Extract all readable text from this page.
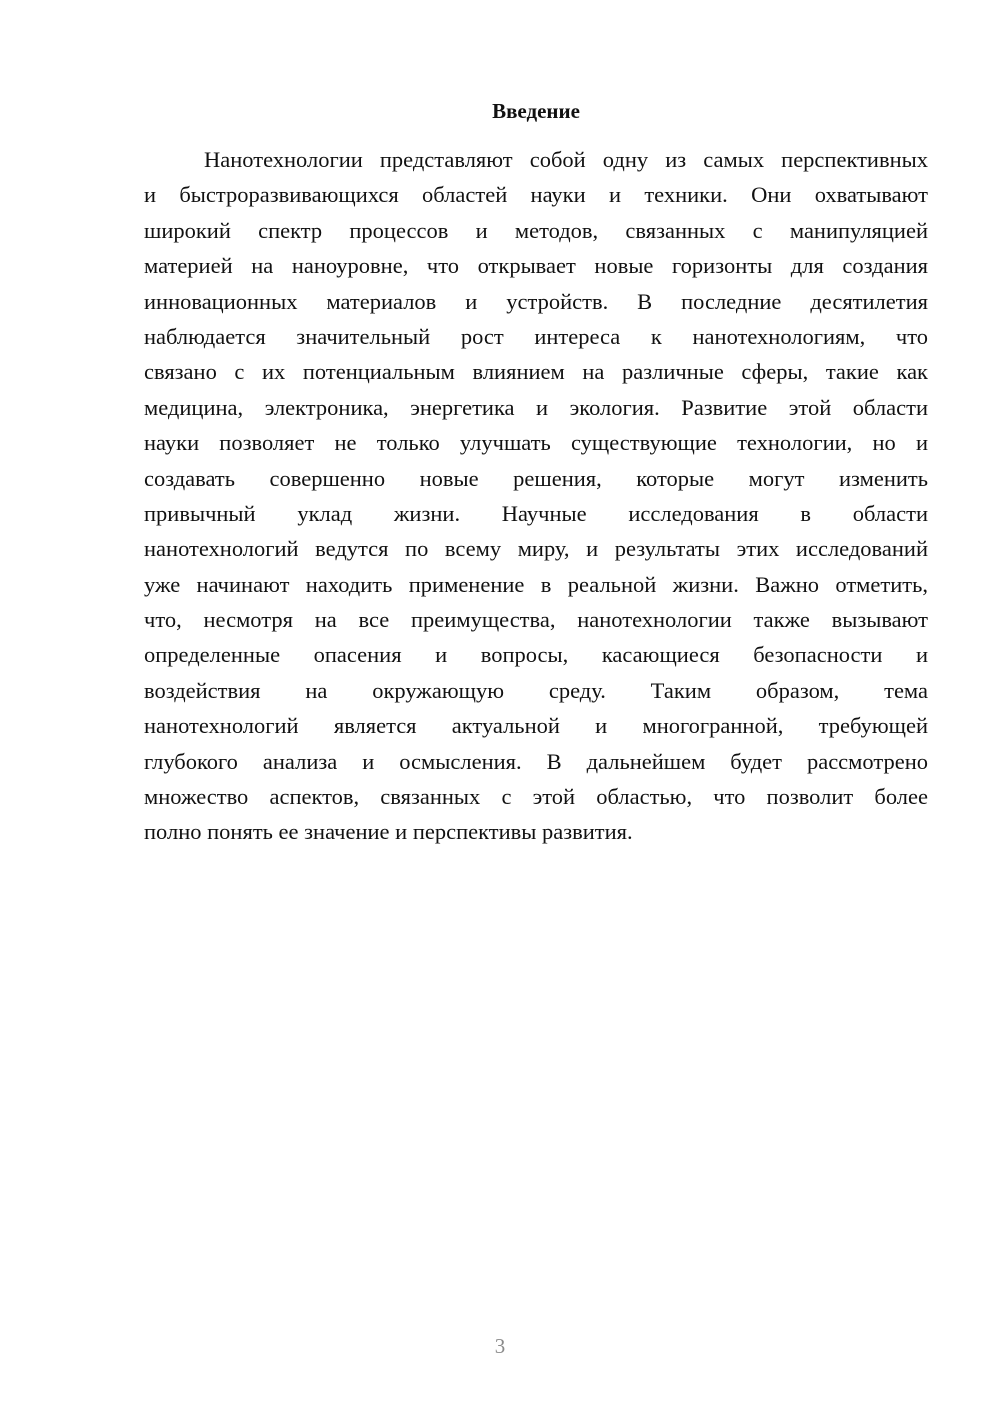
Введение
Нанотехнологии представляют собой одну из самых перспективных
и быстроразвивающихся областей науки и техники. Они охватывают
широкий спектр процессов и методов, связанных с манипуляцией
материей на наноуровне, что открывает новые горизонты для создания
инновационных материалов и устройств. В последние десятилетия
наблюдается значительный рост интереса к нанотехнологиям, что
связано с их потенциальным влиянием на различные сферы, такие как
медицина, электроника, энергетика и экология. Развитие этой области
науки позволяет не только улучшать существующие технологии, но и
создавать совершенно новые решения, которые могут изменить
привычный уклад жизни. Научные исследования в области
нанотехнологий ведутся по всему миру, и результаты этих исследований
уже начинают находить применение в реальной жизни. Важно отметить,
что, несмотря на все преимущества, нанотехнологии также вызывают
определенные опасения и вопросы, касающиеся безопасности и
воздействия на окружающую среду. Таким образом, тема
нанотехнологий является актуальной и многогранной, требующей
глубокого анализа и осмысления. В дальнейшем будет рассмотрено
множество аспектов, связанных с этой областью, что позволит более
полно понять ее значение и перспективы развития.
3
